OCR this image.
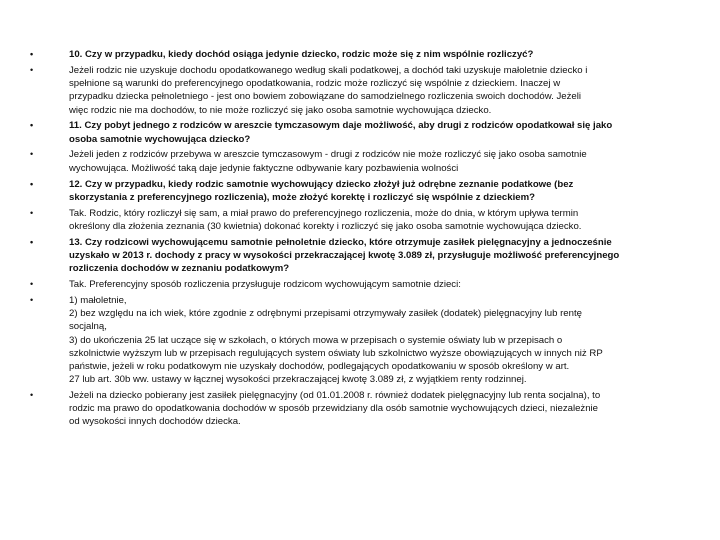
•	10. Czy w przypadku, kiedy dochód osiąga jedynie dziecko, rodzic może się z nim wspólnie rozliczyć?
•	Jeżeli rodzic nie uzyskuje dochodu opodatkowanego według skali podatkowej, a dochód taki uzyskuje małoletnie dziecko i
spełnione są warunki do preferencyjnego opodatkowania, rodzic może rozliczyć się wspólnie z dzieckiem. Inaczej w
przypadku dziecka pełnoletniego - jest ono bowiem zobowiązane do samodzielnego rozliczenia swoich dochodów. Jeżeli
więc rodzic nie ma dochodów, to nie może rozliczyć się jako osoba samotnie wychowująca dziecko.
•	11. Czy pobyt jednego z rodziców w areszcie tymczasowym daje możliwość, aby drugi z rodziców opodatkował się jako
osoba samotnie wychowująca dziecko?
•	Jeżeli jeden z rodziców przebywa w areszcie tymczasowym - drugi z rodziców nie może rozliczyć się jako osoba samotnie
wychowująca. Możliwość taką daje jedynie faktyczne odbywanie kary pozbawienia wolności
•	12. Czy w przypadku, kiedy rodzic samotnie wychowujący dziecko złożył już odrębne zeznanie podatkowe (bez
skorzystania z preferencyjnego rozliczenia), może złożyć korektę i rozliczyć się wspólnie z dzieckiem?
•	Tak. Rodzic, który rozliczył się sam, a miał prawo do preferencyjnego rozliczenia, może do dnia, w którym upływa termin
określony dla złożenia zeznania (30 kwietnia) dokonać korekty i rozliczyć się jako osoba samotnie wychowująca dziecko.
•	13. Czy rodzicowi wychowującemu samotnie pełnoletnie dziecko, które otrzymuje zasiłek pielęgnacyjny a jednocześnie
uzyskało w 2013 r. dochody z pracy w wysokości przekraczającej kwotę 3.089 zł, przysługuje możliwość preferencyjnego
rozliczenia dochodów w zeznaniu podatkowym?
•	Tak. Preferencyjny sposób rozliczenia przysługuje rodzicom wychowującym samotnie dzieci:
•	1) małoletnie,
2) bez względu na ich wiek, które zgodnie z odrębnymi przepisami otrzymywały zasiłek (dodatek) pielęgnacyjny lub rentę
socjalną,
3) do ukończenia 25 lat uczące się w szkołach, o których mowa w przepisach o systemie oświaty lub w przepisach o
szkolnictwie wyższym lub w przepisach regulujących system oświaty lub szkolnictwo wyższe obowiązujących w innych niż RP
państwie, jeżeli w roku podatkowym nie uzyskały dochodów, podlegających opodatkowaniu w sposób określony w art.
27 lub art. 30b ww. ustawy w łącznej wysokości przekraczającej kwotę 3.089 zł, z wyjątkiem renty rodzinnej.
•	Jeżeli na dziecko pobierany jest zasiłek pielęgnacyjny (od 01.01.2008 r. również dodatek pielęgnacyjny lub renta socjalna), to
rodzic ma prawo do opodatkowania dochodów w sposób przewidziany dla osób samotnie wychowujących dzieci, niezależnie
od wysokości innych dochodów dziecka.
